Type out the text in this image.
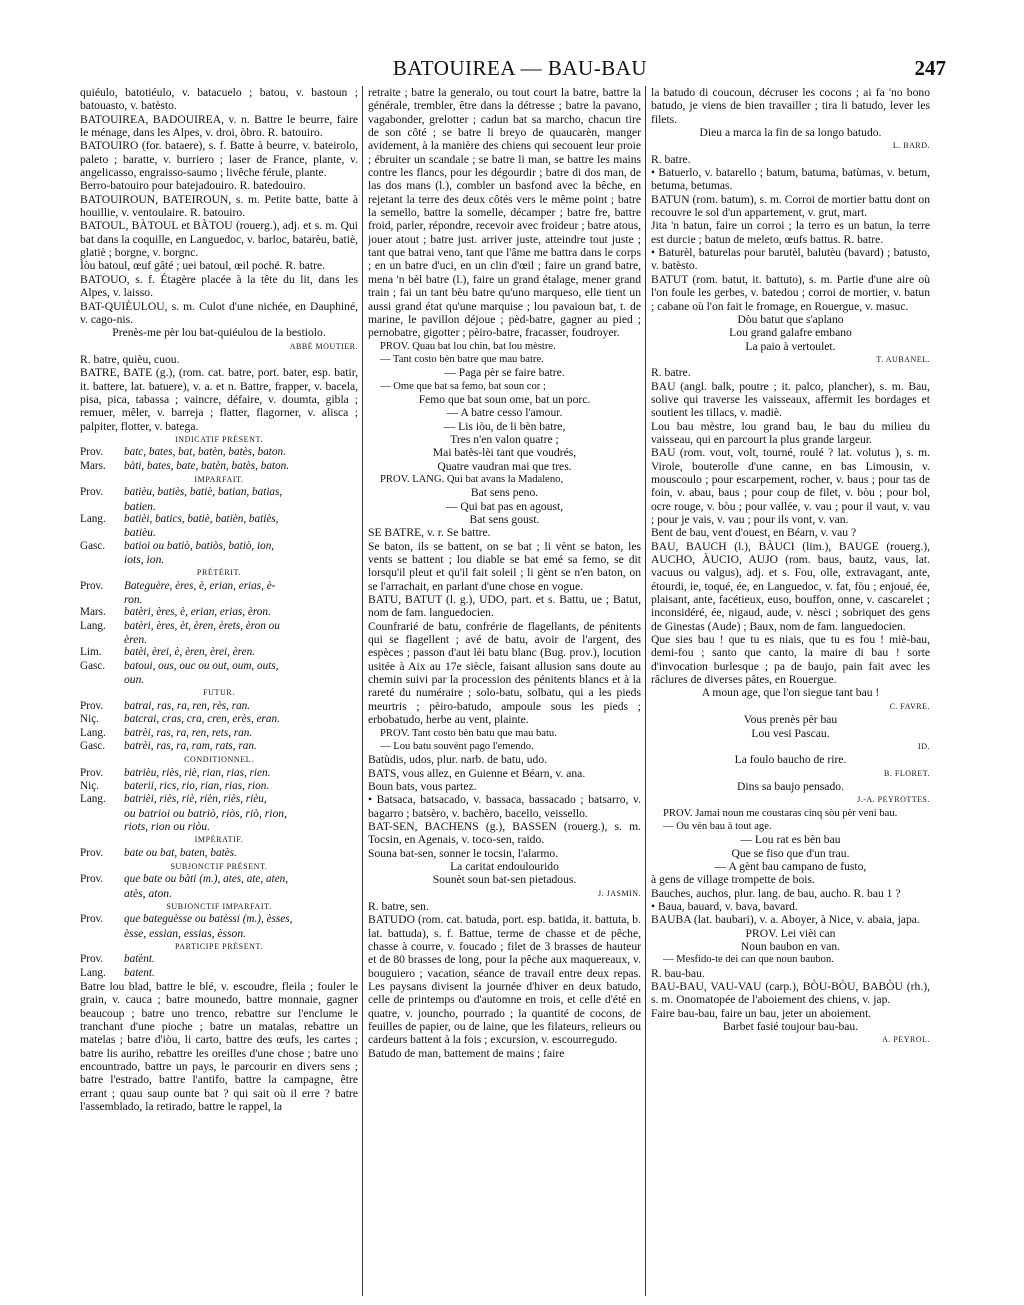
BATOUIREA — BAU-BAU	247

quiéulo, batotiéulo, v. batacuelo ; batou, v. bastoun ; batouasto, v. batèsto.

BATOUIREA, BADOUIREA, v. n. Battre le beurre, faire le ménage, dans les Alpes, v. droi, òbro. R. batouiro.

BATOUIRO (for. bataere), s. f. Batte à beurre, v. bateirolo, paleto ; baratte, v. burriero ; laser de France, plante, v. angelicasso, engraisso-saumo ; livêche férule, plante.

Berro-batouiro pour batejadouiro. R. batedouiro.

BATOUIROUN, BATEIROUN, s. m. Petite batte, batte à houillie, v. ventoulaire. R. batouiro.

BATOUL, BÀTOUL et BÀTOU (rouerg.), adj. et s. m. Qui bat dans la coquille, en Languedoc, v. barloc, batarèu, batiè, glatiè ; borgne, v. borgnc.

Ìòu batoul, œuf gâté ; uei batoul, œil poché. R. batre.

BATOUO, s. f. Étagère placée à la tête du lit, dans les Alpes, v. laisso.

BAT-QUIÈULOU, s. m. Culot d'une nichée, en Dauphiné, v. cago-nis.

Prenès-me pèr lou bat-quiéulou de la bestiolo.

ABBÉ MOUTIER.

R. batre, quièu, cuou.

BATRE, BATE (g.), (rom. cat. batre, port. bater, esp. batir, it. battere, lat. batuere), v. a. et n. Battre, frapper, v. bacela, pisa, pica, tabassa ; vaincre, défaire, v. doumta, gibla ; remuer, mêler, v. barreja ; flatter, flagorner, v. alisca ; palpiter, flotter, v. batega.

INDICATIF PRÉSENT.

Prov.	batc, bates, bat, batèn, batès, baton.
Mars.	bàti, bates, bate, batèn, batès, baton.

IMPARFAIT.

Prov.	batièu, batiès, batiè, batian, batias,

batien.

Lang.	batièi, batics, batiè, batièn, batiès,

batièu.

Gasc.	batioi ou batiò, batiòs, batiò, ion,

iots, ion.

PRÉTÉRIT.

Prov.	Bateguère, ères, è, erian, erias, è-

ron.

Mars.	batèri, ères, è, erian, erias, èron.
Lang.	batèri, ères, èt, èren, èrets, èron ou

èren.

Lim.	batèi, èrei, è, èren, èrei, èren.
Gasc.	batoui, ous, ouc ou out, oum, outs,

oun.

FUTUR.

Prov.	batrai, ras, ra, ren, rès, ran.
Niç.	batcrai, cras, cra, cren, erès, eran.
Lang.	batrèi, ras, ra, ren, rets, ran.
Gasc.	batrèi, ras, ra, ram, rats, ran.

CONDITIONNEL.

Prov.	batrièu, riès, riè, rian, rias, rien.
Niç.	baterii, rics, rio, rian, rias, rion.
Lang.	batrièi, riès, riè, rièn, riès, rièu,

ou batrioi ou batriò, riòs, riò, rion,

riots, rion ou riòu.

IMPÉRATIF.

Prov.	bate ou bat, baten, batès.

SUBJONCTIF PRÉSENT.

Prov.	que bate ou bàti (m.), ates, ate, aten,

atès, aton.

SUBJONCTIF IMPARFAIT.

Prov.	que bateguèsse ou batèssi (m.), èsses,

èsse, essian, essias, èsson.

PARTICIPE PRÉSENT.

Prov.	batènt.
Lang.	batent.

Batre lou blad, battre le blé, v. escoudre, fleila ; fouler le grain, v. cauca ; batre mounedo, battre monnaie, gagner beaucoup ; batre uno trenco, rebattre sur l'enclume le tranchant d'une pioche ; batre un matalas, rebattre un matelas ; batre d'iòu, li carto, battre des œufs, les cartes ; batre lis auriho, rebattre les oreilles d'une chose ; batre uno encountrado, battre un pays, le parcourir en divers sens ; batre l'estrado, battre l'antifo, battre la campagne, être errant ; quau saup ounte bat ? qui sait où il erre ? batre l'assemblado, la retirado, battre le rappel, la

retraite ; batre la generalo, ou tout court la batre, battre la générale, trembler, être dans la détresse ; batre la pavano, vagabonder, grelotter ; cadun bat sa marcho, chacun tire de son côté ; se batre li breyo de quaucarèn, manger avidement, à la manière des chiens qui secouent leur proie ; ébruiter un scandale ; se batre li man, se battre les mains contre les flancs, pour les dégourdir ; batre di dos man, de las dos mans (l.), combler un basfond avec la bêche, en rejetant la terre des deux côtés vers le même point ; batre la semello, battre la somelle, décamper ; batre fre, battre froid, parler, répondre, recevoir avec froideur ; batre atous, jouer atout ; batre just. arriver juste, atteindre tout juste ; tant que batrai veno, tant que l'âme me battra dans le corps ; en un batre d'uci, en un clin d'œil ; faire un grand batre, mena 'n bèl batre (l.), faire un grand étalage, mener grand train ; fai un tant bèu batre qu'uno marqueso, elle tient un aussi grand état qu'une marquise ; lou pavaioun bat, t. de marine, le pavillon déjoue ; pèd-batre, gagner au pied ; pernobatre, gigotter ; pèiro-batre, fracasser, foudroyer.

PROV. Quau bat lou chin, bat lou mèstre.

— Tant costo bèn batre que mau batre.

— Paga pèr se faire batre.

— Ome que bat sa femo, bat soun cor ;

Femo que bat soun ome, bat un porc.

— A batre cesso l'amour.

— Lis iòu, de li bèn batre,

Tres n'en valon quatre ;

Mai batès-lèi tant que voudrés,

Quatre vaudran mai que tres.

PROV. LANG. Qui bat avans la Madaleno,

Bat sens peno.

— Qui bat pas en agoust,

Bat sens goust.

SE BATRE, v. r. Se battre.

Se baton, ils se battent, on se bat ; li vènt se baton, les vents se battent ; lou diable se bat emé sa femo, se dit lorsqu'il pleut et qu'il fait soleil ; li gènt se n'en baton, on se l'arrachait, en parlant d'une chose en vogue.

BATU, BATUT (l. g.), UDO, part. et s. Battu, ue ; Batut, nom de fam. languedocien.

Counfrarié de batu, confrérie de flagellants, de pénitents qui se flagellent ; avé de batu, avoir de l'argent, des espèces ; passon d'aut lèi batu blanc (Bug. prov.), locution usitée à Aix au 17e siècle, faisant allusion sans doute au chemin suivi par la procession des pénitents blancs et à la rareté du numéraire ; solo-batu, solbatu, qui a les pieds meurtris ; pèiro-batudo, ampoule sous les pieds ; erbobatudo, herbe au vent, plainte.

PROV. Tant costo bèn batu que mau batu.

— Lou batu souvènt pago l'emendo.

Batùdis, udos, plur. narb. de batu, udo.

BATS, vous allez, en Guienne et Béarn, v. ana.

Boun bats, vous partez.

• Batsaca, batsacado, v. bassaca, bassacado ; batsarro, v. bagarro ; batsèro, v. bachèro, bacello, veissello.

BAT-SEN, BACHENS (g.), BASSEN (rouerg.), s. m. Tocsin, en Agenais, v. toco-sen, raido.

Souna bat-sen, sonner le tocsin, l'alarmo.

La caritat endoulourido

Sounèt soun bat-sen pietadous.

J. JASMIN.

R. batre, sen.

BATUDO (rom. cat. batuda, port. esp. batida, it. battuta, b. lat. battuda), s. f. Battue, terme de chasse et de pêche, chasse à courre, v. foucado ; filet de 3 brasses de hauteur et de 80 brasses de long, pour la pêche aux maquereaux, v. bouguiero ; vacation, séance de travail entre deux repas. Les paysans divisent la journée d'hiver en deux batudo, celle de printemps ou d'automne en trois, et celle d'été en quatre, v. jouncho, pourrado ; la quantité de cocons, de feuilles de papier, ou de laine, que les filateurs, relieurs ou cardeurs battent à la fois ; excursion, v. escourregudo.

Batudo de man, battement de mains ; faire

la batudo di coucoun, décruser les cocons ; ai fa 'no bono batudo, je viens de bien travailler ; tira li batudo, lever les filets.

Dieu a marca la fin de sa longo batudo.

L. BARD.

R. batre.

• Batuerlo, v. batarello ; batum, batuma, batùmas, v. betum, betuma, betumas.

BATUN (rom. batum), s. m. Corroi de mortier battu dont on recouvre le sol d'un appartement, v. grut, mart.

Jita 'n batun, faire un corroi ; la terro es un batun, la terre est durcie ; batun de meleto, œufs battus. R. batre.

• Baturèl, baturelas pour barutèl, balutèu (bavard) ; batusto, v. batèsto.

BATUT (rom. batut, it. battuto), s. m. Partie d'une aire où l'on foule les gerbes, v. batedou ; corroi de mortier, v. batun ; cabane où l'on fait le fromage, en Rouergue, v. masuc.

Dòu batut que s'aplano

Lou grand galafre embano

La paio à vertoulet.

T. AUBANEL.

R. batre.

BAU (angl. balk, poutre ; it. palco, plancher), s. m. Bau, solive qui traverse les vaisseaux, affermit les bordages et soutient les tillacs, v. madiè.

Lou bau mèstre, lou grand bau, le bau du milieu du vaisseau, qui en parcourt la plus grande largeur.

BAU (rom. vout, volt, tourné, roulé ? lat. volutus ), s. m. Virole, bouterolle d'une canne, en bas Limousin, v. mouscoulo ; pour escarpement, rocher, v. baus ; pour tas de foin, v. abau, baus ; pour coup de filet, v. bòu ; pour bol, ocre rouge, v. bòu ; pour vallée, v. vau ; pour il vaut, v. vau ; pour je vais, v. vau ; pour ils vont, v. van.

Bent de bau, vent d'ouest, en Béarn, v. vau ?

BAU, BAUCH (l.), BÀUCI (lim.), BAUGE (rouerg.), AUCHO, ÀUCIO, AUJO (rom. baus, bautz, vaus, lat. vacuus ou valgus), adj. et s. Fou, olle, extravagant, ante, étourdi, ie, toqué, ée, en Languedoc, v. fat, fòu ; enjoué, ée, plaisant, ante, facétieux, euso, bouffon, onne, v. cascarelet ; inconsidéré, ée, nigaud, aude, v. nèsci ; sobriquet des gens de Ginestas (Aude) ; Baux, nom de fam. languedocien.

Que sies bau ! que tu es niais, que tu es fou ! miè-bau, demi-fou ; santo que canto, la maire di bau ! sorte d'invocation burlesque ; pa de baujo, pain fait avec les râclures de diverses pâtes, en Rouergue.

A moun age, que l'on siegue tant bau !

C. FAVRE.

Vous prenès pèr bau

Lou vesi Pascau.

ID.

La foulo baucho de rire.

B. FLORET.

Dins sa baujo pensado.

J.-A. PEYROTTES.

PROV. Jamai noun me coustaras cinq sòu pèr veni bau.

— Ou vèn bau à tout age.

— Lou rat es bèn bau

Que se fiso que d'un trau.

— A gènt bau campano de fusto,

à gens de village trompette de bois.

Bauches, auchos, plur. lang. de bau, aucho. R. bau 1 ?

• Baua, bauard, v. bava, bavard.

BAUBA (lat. baubari), v. a. Aboyer, à Nice, v. abaia, japa.

PROV. Lei vièi can

Noun baubon en van.

— Mesfido-te dei can que noun baubon.

R. bau-bau.

BAU-BAU, VAU-VAU (carp.), BÒU-BÒU, BABÒU (rh.), s. m. Onomatopée de l'aboiement des chiens, v. jap.

Faire bau-bau, faire un bau, jeter un aboiement.

Barbet fasié toujour bau-bau.

A. PEYROL.
